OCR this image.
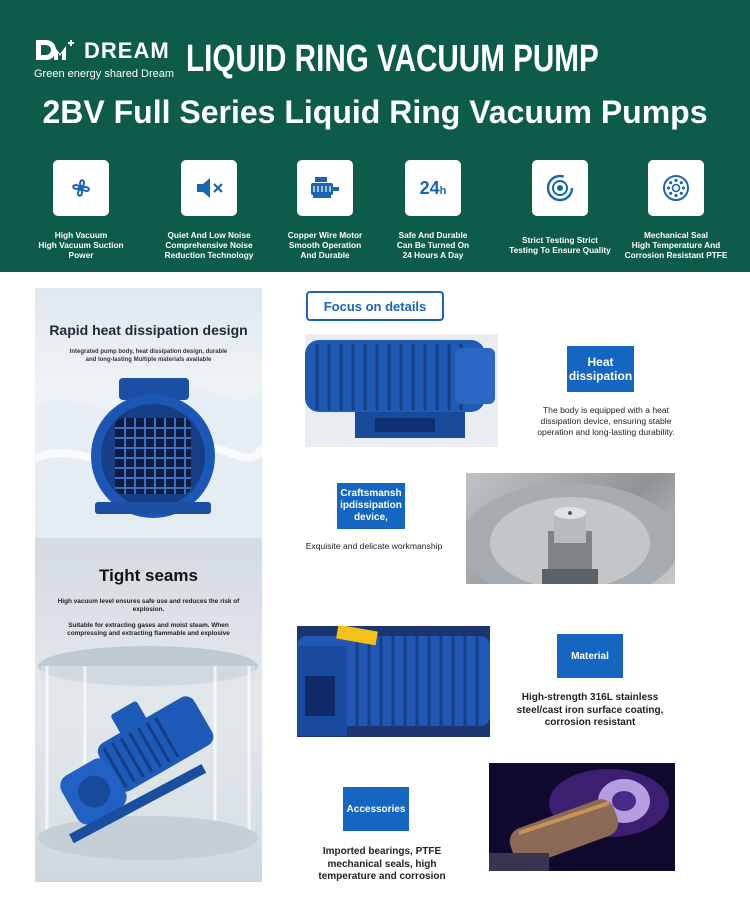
DREAM
Green energy shared Dream LIQUID RING VACUUM PUMP
2BV Full Series Liquid Ring Vacuum Pumps
High Vacuum
High Vacuum Suction
Power
Quiet And Low Noise
Comprehensive Noise
Reduction Technology
Copper Wire Motor
Smooth Operation
And Durable
24h
Safe And Durable
Can Be Turned On
24 Hours A Day
Strict Testing Strict
Testing To Ensure Quality
Mechanical Seal
High Temperature And
Corrosion Resistant PTFE
Rapid heat dissipation design
Integrated pump body, heat dissipation design, durable
and long-lasting Multiple materials available
Tight seams
High vacuum level ensures safe use and reduces the risk of
explosion.
Suitable for extracting gases and moist steam. When
compressing and extracting flammable and explosive
Focus on details
Heat
dissipation
The body is equipped with a heat
dissipation device, ensuring stable
operation and long-lasting durability.
Craftsmansh
ipdissipation
device,
Exquisite and delicate workmanship
Material
High-strength 316L stainless
steel/cast iron surface coating,
corrosion resistant
Accessories
Imported bearings, PTFE
mechanical seals, high
temperature and corrosion
